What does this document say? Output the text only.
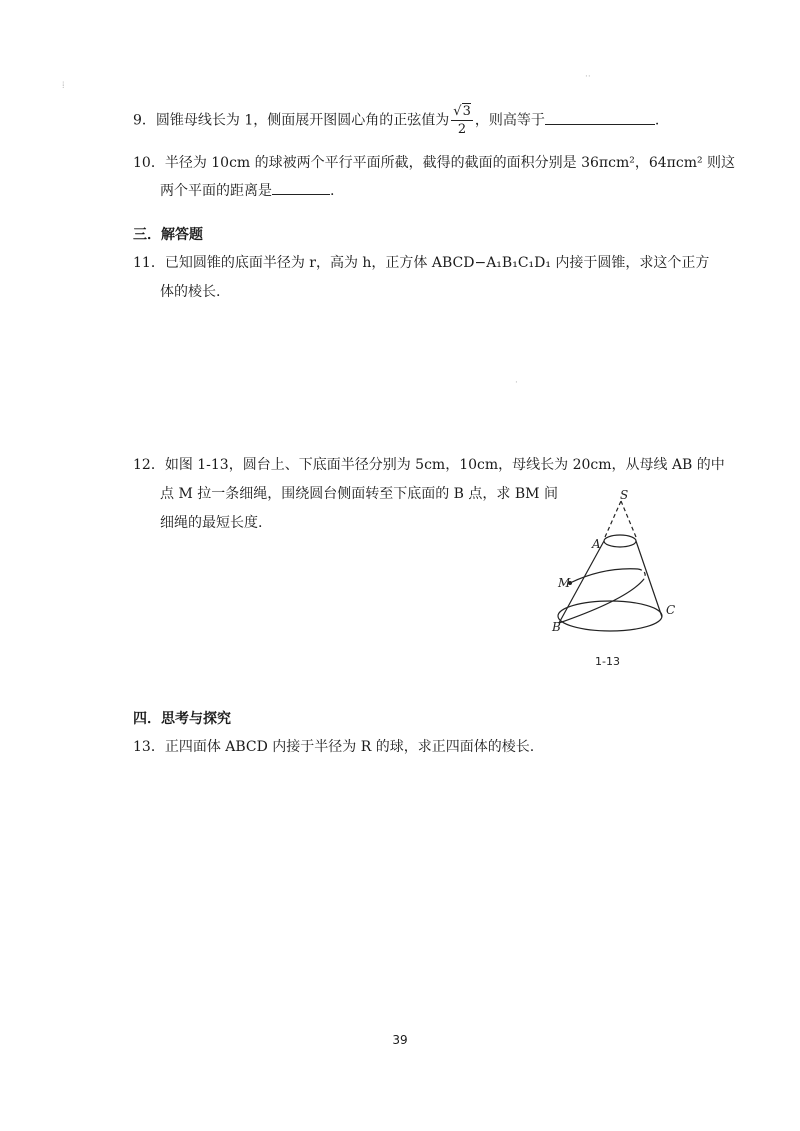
9．圆锥母线长为 1，侧面展开图圆心角的正弦值为 $\frac{√3}{2}$ ，则高等于	.
10．半径为 10cm 的球被两个平行平面所截，截得的截面的面积分别是 36πcm²，64πcm² 则这
两个平面的距离是	.
三．解答题
11．已知圆锥的底面半径为 r，高为 h，正方体 ABCD−A₁B₁C₁D₁ 内接于圆锥，求这个正方
体的棱长.
12．如图 1-13，圆台上、下底面半径分别为 5cm，10cm，母线长为 20cm，从母线 AB 的中
点 M 拉一条细绳，围绕圆台侧面转至下底面的 B 点，求 BM 间
细绳的最短长度.
S
A
M
B
C
1-13
四．思考与探究
13．正四面体 ABCD 内接于半径为 R 的球，求正四面体的棱长.
39
⁞
··
·
